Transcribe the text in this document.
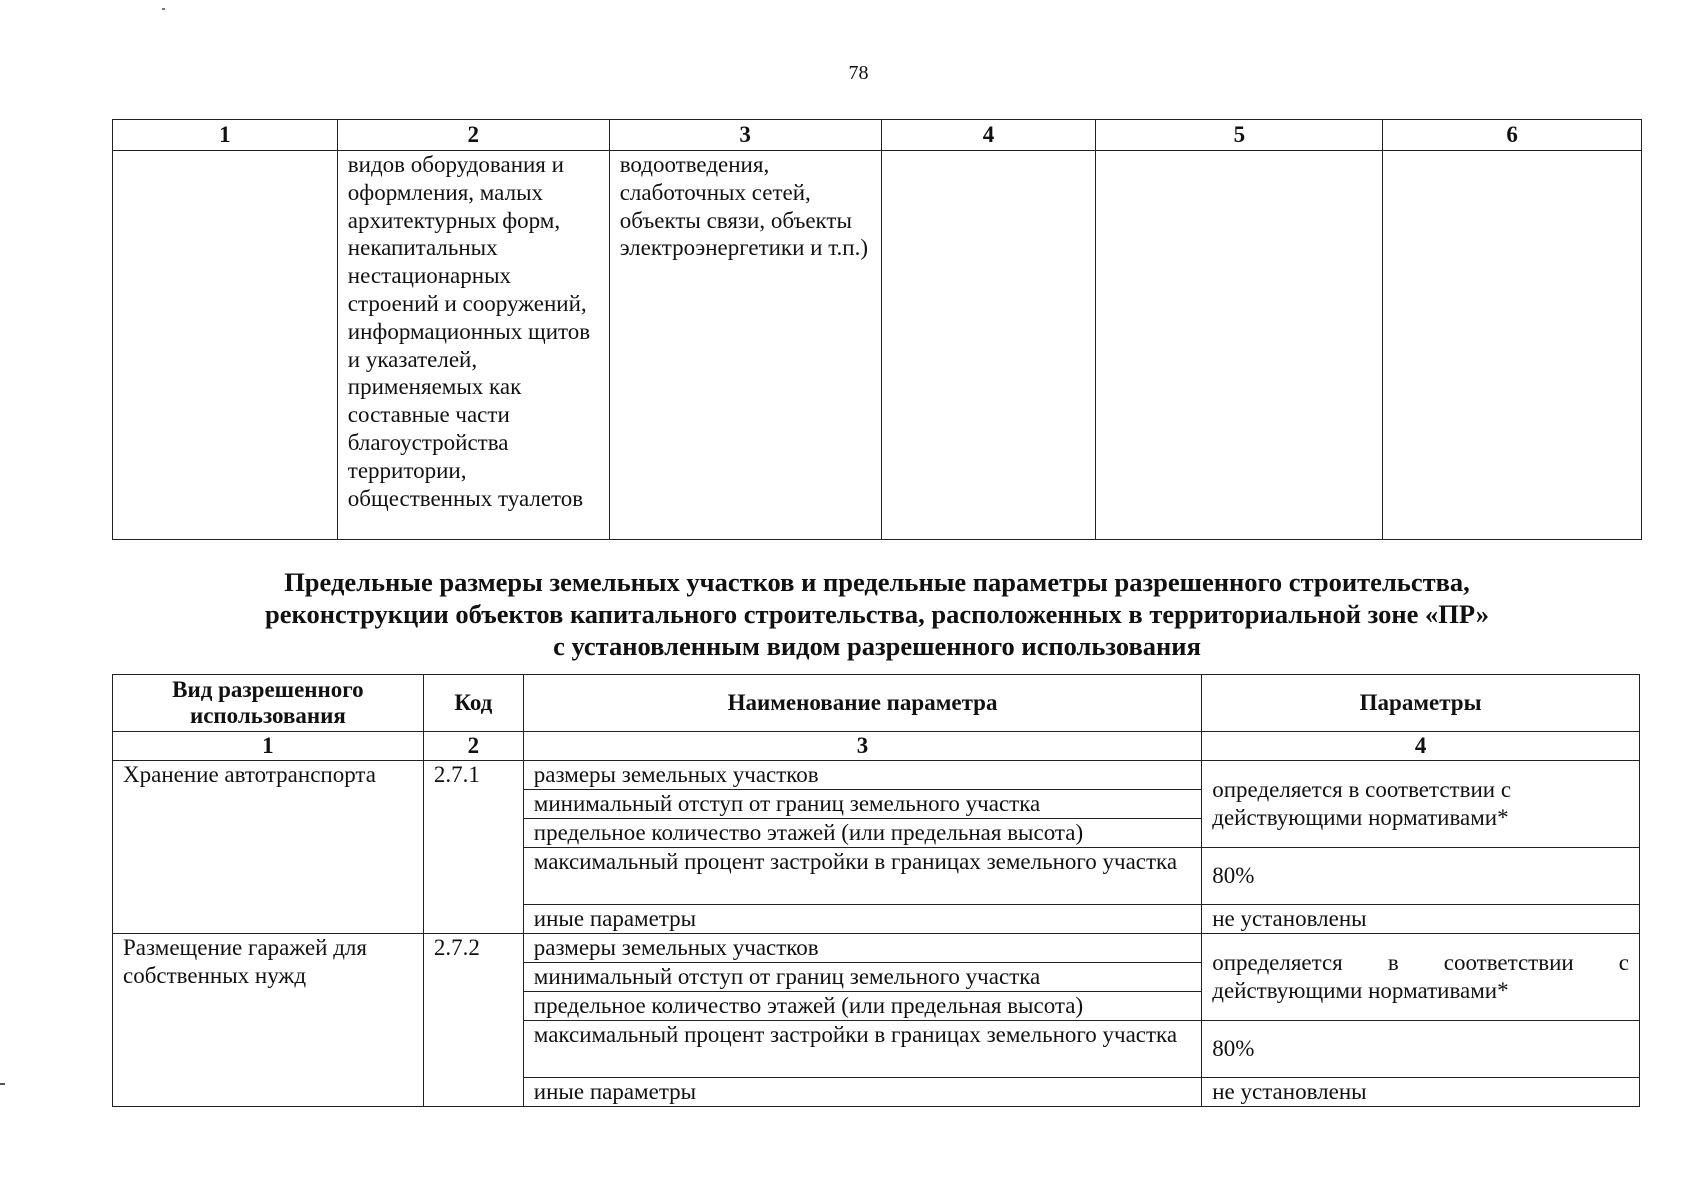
78
1	2	3	4	5	6
	видов оборудования и оформления, малых архитектурных форм, некапитальных нестационарных строений и сооружений, информационных щитов и указателей, применяемых как составные части благоустройства территории, общественных туалетов	водоотведения, слаботочных сетей, объекты связи, объекты электроэнергетики и т.п.)			
Предельные размеры земельных участков и предельные параметры разрешенного строительства,
реконструкции объектов капитального строительства, расположенных в территориальной зоне «ПР»
с установленным видом разрешенного использования
Вид разрешенного использования	Код	Наименование параметра	Параметры
1	2	3	4
Хранение автотранспорта	2.7.1	размеры земельных участков	определяется в соответствии с действующими нормативами*
		минимальный отступ от границ земельного участка	
		предельное количество этажей (или предельная высота)	
		максимальный процент застройки в границах земельного участка	80%
		иные параметры	не установлены
Размещение гаражей для собственных нужд	2.7.2	размеры земельных участков	определяется в соответствии с действующими нормативами*
		минимальный отступ от границ земельного участка	
		предельное количество этажей (или предельная высота)	
		максимальный процент застройки в границах земельного участка	80%
		иные параметры	не установлены
